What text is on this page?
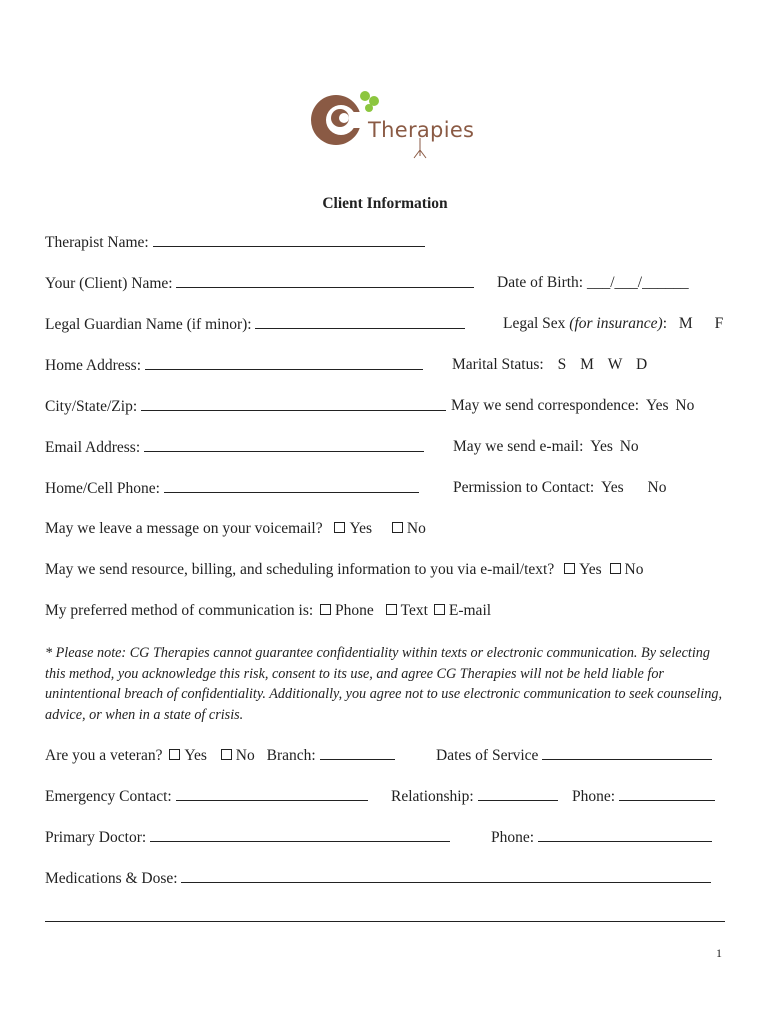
Therapies
Client Information
Therapist Name:
Your (Client) Name:	Date of Birth: ___/___/______
Legal Guardian Name (if minor):	Legal Sex (for insurance): M F
Home Address:	Marital Status: S M W D
City/State/Zip:	May we send correspondence: Yes No
Email Address:	May we send e-mail: Yes No
Home/Cell Phone:	Permission to Contact: Yes No
May we leave a message on your voicemail? Yes No
May we send resource, billing, and scheduling information to you via e-mail/text? Yes No
My preferred method of communication is: Phone Text E-mail
* Please note: CG Therapies cannot guarantee confidentiality within texts or electronic communication. By selecting this method, you acknowledge this risk, consent to its use, and agree CG Therapies will not be held liable for unintentional breach of confidentiality. Additionally, you agree not to use electronic communication to seek counseling, advice, or when in a state of crisis.
Are you a veteran? Yes No Branch:	Dates of Service
Emergency Contact:	Relationship:	Phone:
Primary Doctor:	Phone:
Medications & Dose:
1
